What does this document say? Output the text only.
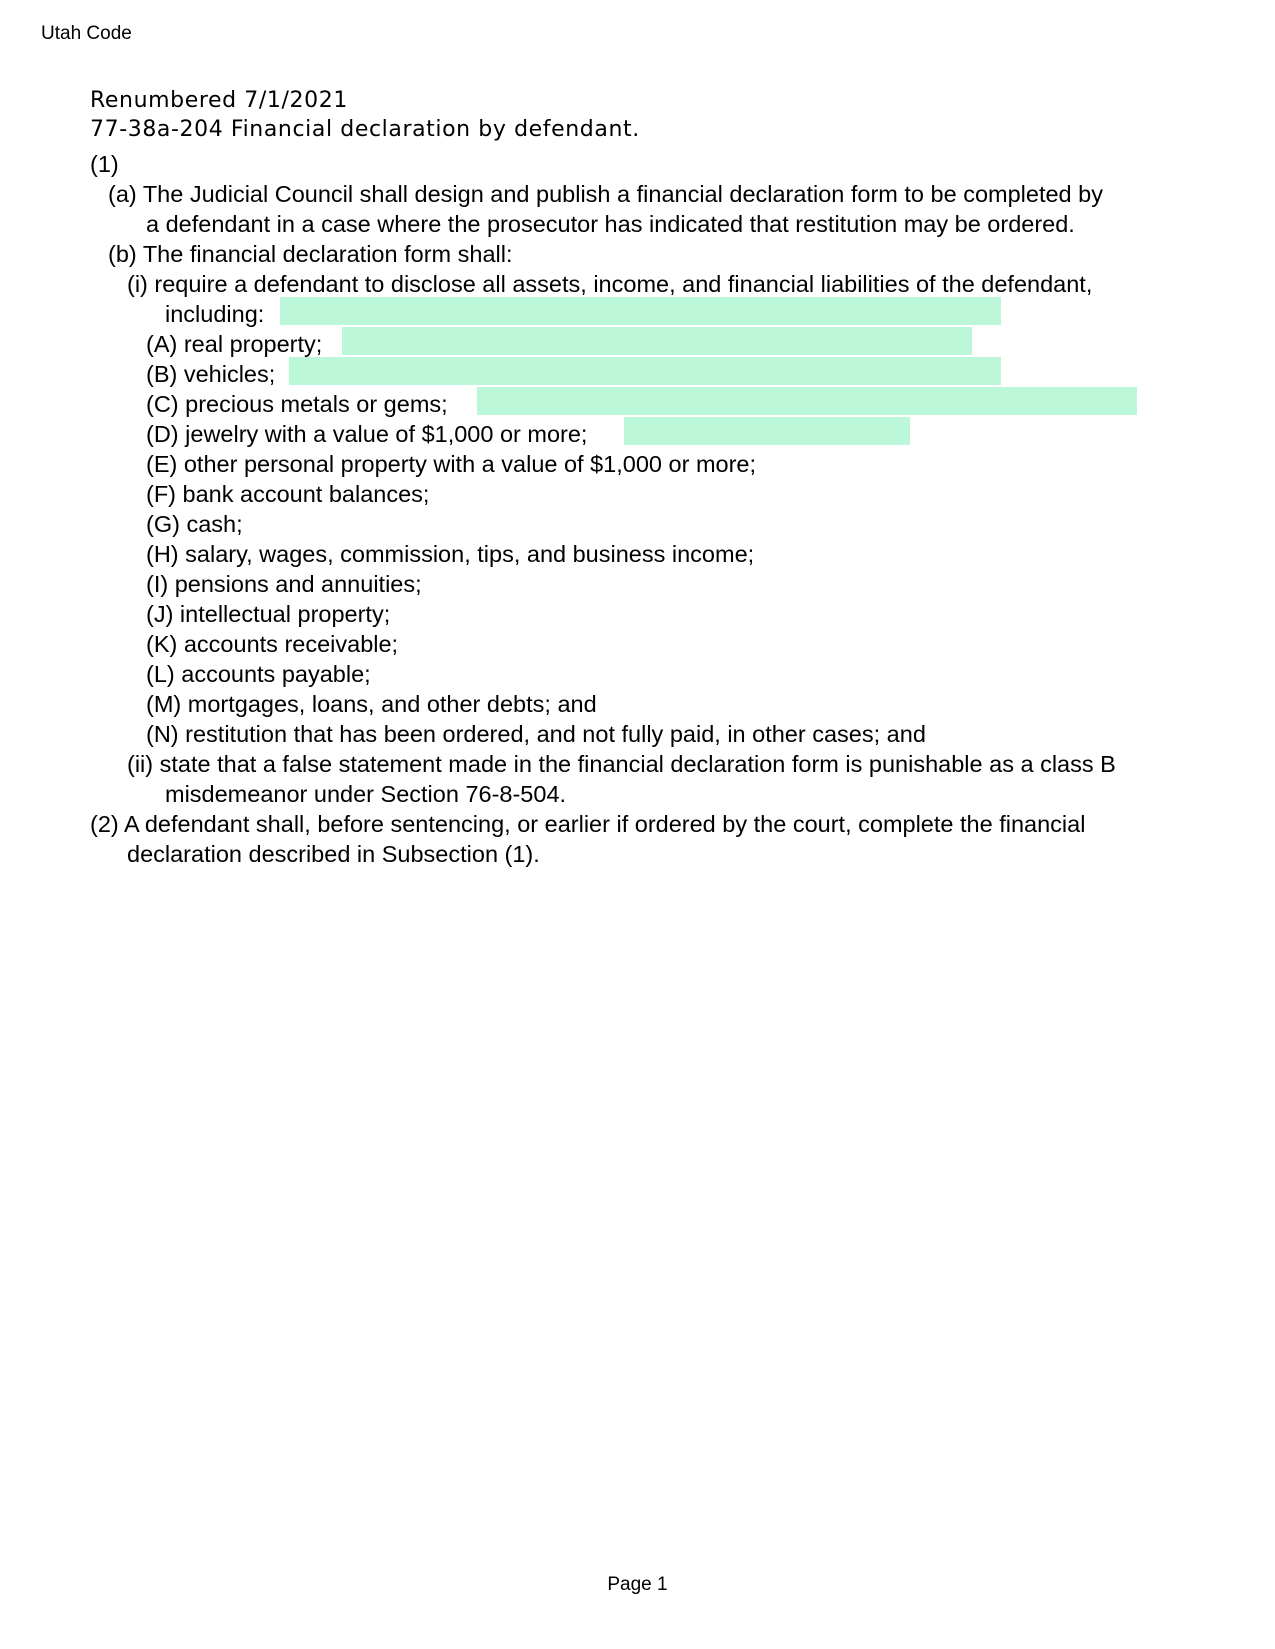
Utah Code
Renumbered 7/1/2021
77-38a-204 Financial declaration by defendant.
(1)
(a) The Judicial Council shall design and publish a financial declaration form to be completed by
a defendant in a case where the prosecutor has indicated that restitution may be ordered.
(b) The financial declaration form shall:
(i) require a defendant to disclose all assets, income, and financial liabilities of the defendant,
including:
(A) real property;
(B) vehicles;
(C) precious metals or gems;
(D) jewelry with a value of $1,000 or more;
(E) other personal property with a value of $1,000 or more;
(F) bank account balances;
(G) cash;
(H) salary, wages, commission, tips, and business income;
(I) pensions and annuities;
(J) intellectual property;
(K) accounts receivable;
(L) accounts payable;
(M) mortgages, loans, and other debts; and
(N) restitution that has been ordered, and not fully paid, in other cases; and
(ii) state that a false statement made in the financial declaration form is punishable as a class B
misdemeanor under Section 76-8-504.
(2) A defendant shall, before sentencing, or earlier if ordered by the court, complete the financial
declaration described in Subsection (1).
Page 1
